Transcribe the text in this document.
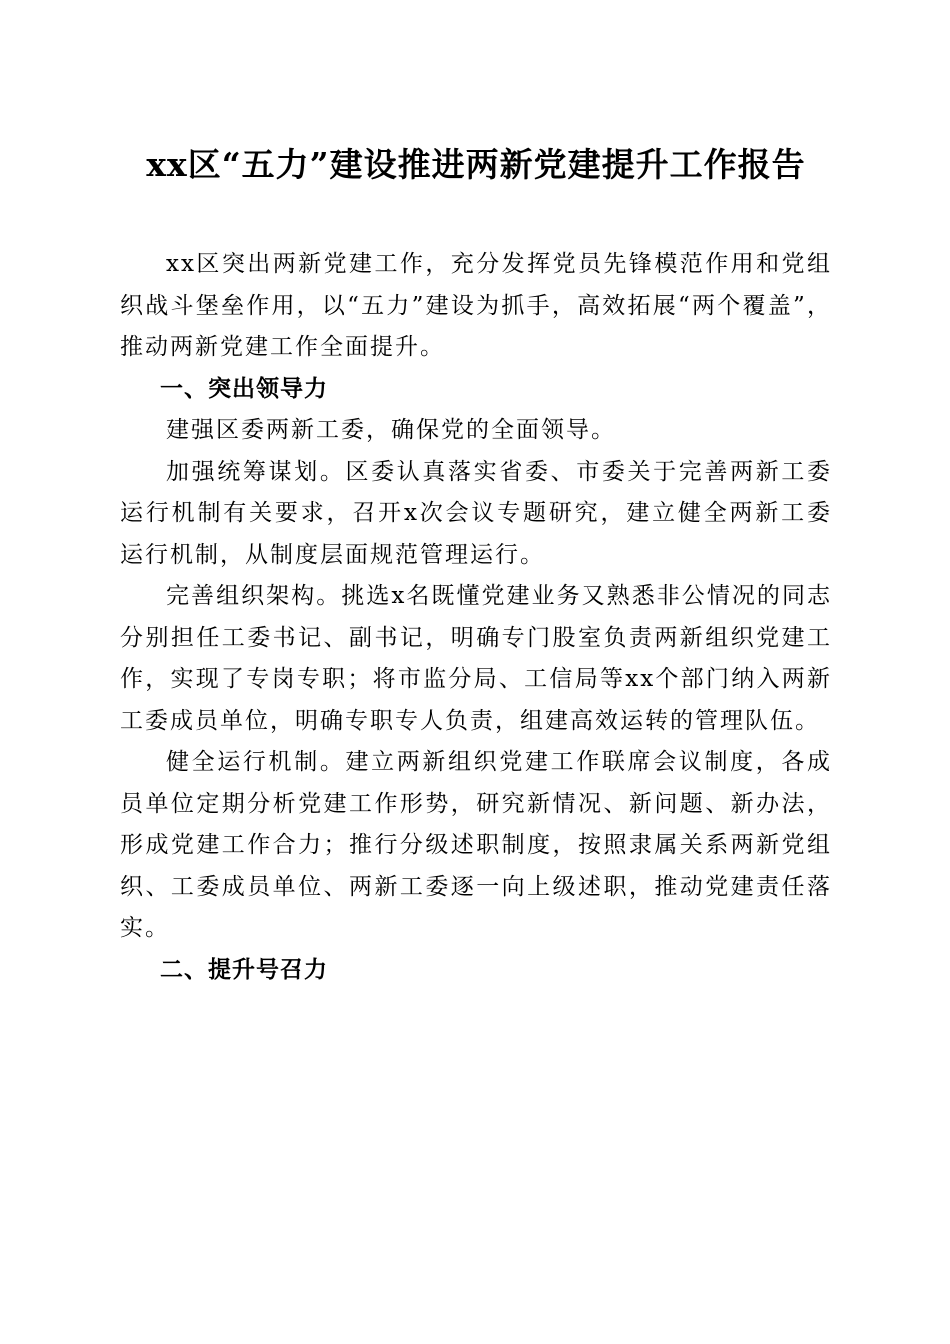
xx区“五力”建设推进两新党建提升工作报告

xx区突出两新党建工作，充分发挥党员先锋模范作用和党组织战斗堡垒作用，以“五力”建设为抓手，高效拓展“两个覆盖”，推动两新党建工作全面提升。

一、突出领导力

建强区委两新工委，确保党的全面领导。

加强统筹谋划。区委认真落实省委、市委关于完善两新工委运行机制有关要求，召开x次会议专题研究，建立健全两新工委运行机制，从制度层面规范管理运行。

完善组织架构。挑选x名既懂党建业务又熟悉非公情况的同志分别担任工委书记、副书记，明确专门股室负责两新组织党建工作，实现了专岗专职；将市监分局、工信局等xx个部门纳入两新工委成员单位，明确专职专人负责，组建高效运转的管理队伍。

健全运行机制。建立两新组织党建工作联席会议制度，各成员单位定期分析党建工作形势，研究新情况、新问题、新办法，形成党建工作合力；推行分级述职制度，按照隶属关系两新党组织、工委成员单位、两新工委逐一向上级述职，推动党建责任落实。

二、提升号召力
